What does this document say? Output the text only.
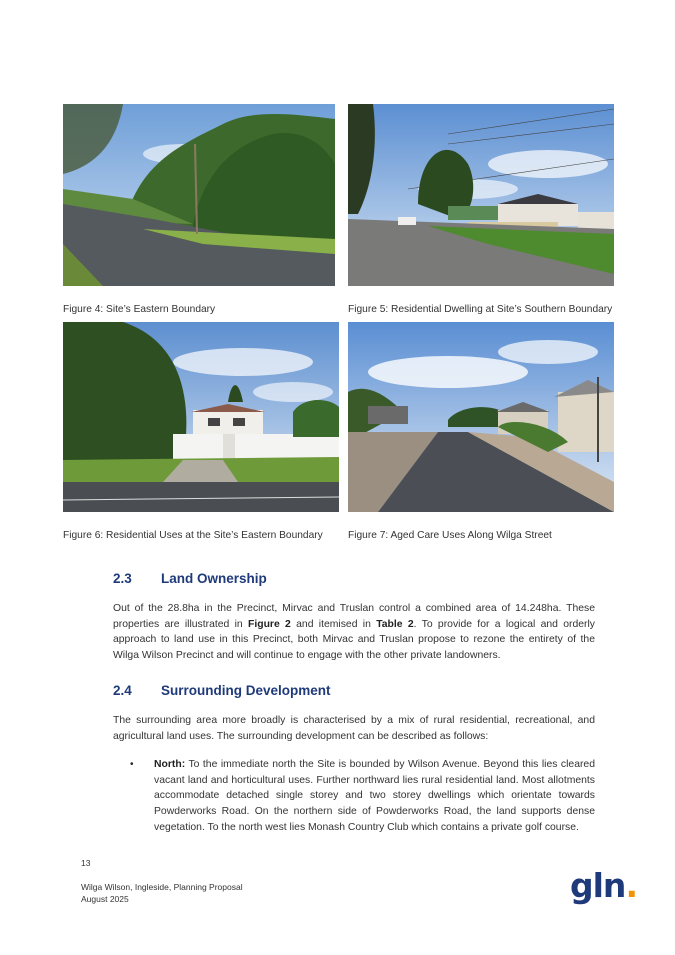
Figure 4: Site’s Eastern Boundary	Figure 5: Residential Dwelling at Site’s Southern Boundary
Figure 6: Residential Uses at the Site’s Eastern Boundary Figure 7: Aged Care Uses Along Wilga Street
2.3 Land Ownership
Out of the 28.8ha in the Precinct, Mirvac and Truslan control a combined area of 14.248ha. These properties are illustrated in Figure 2 and itemised in Table 2. To provide for a logical and orderly approach to land use in this Precinct, both Mirvac and Truslan propose to rezone the entirety of the Wilga Wilson Precinct and will continue to engage with the other private landowners.
2.4 Surrounding Development
The surrounding area more broadly is characterised by a mix of rural residential, recreational, and agricultural land uses. The surrounding development can be described as follows:
• North: To the immediate north the Site is bounded by Wilson Avenue. Beyond this lies cleared vacant land and horticultural uses. Further northward lies rural residential land. Most allotments accommodate detached single storey and two storey dwellings which orientate towards Powderworks Road. On the northern side of Powderworks Road, the land supports dense vegetation. To the north west lies Monash Country Club which contains a private golf course.
13
Wilga Wilson, Ingleside, Planning Proposal
August 2025	gln.
